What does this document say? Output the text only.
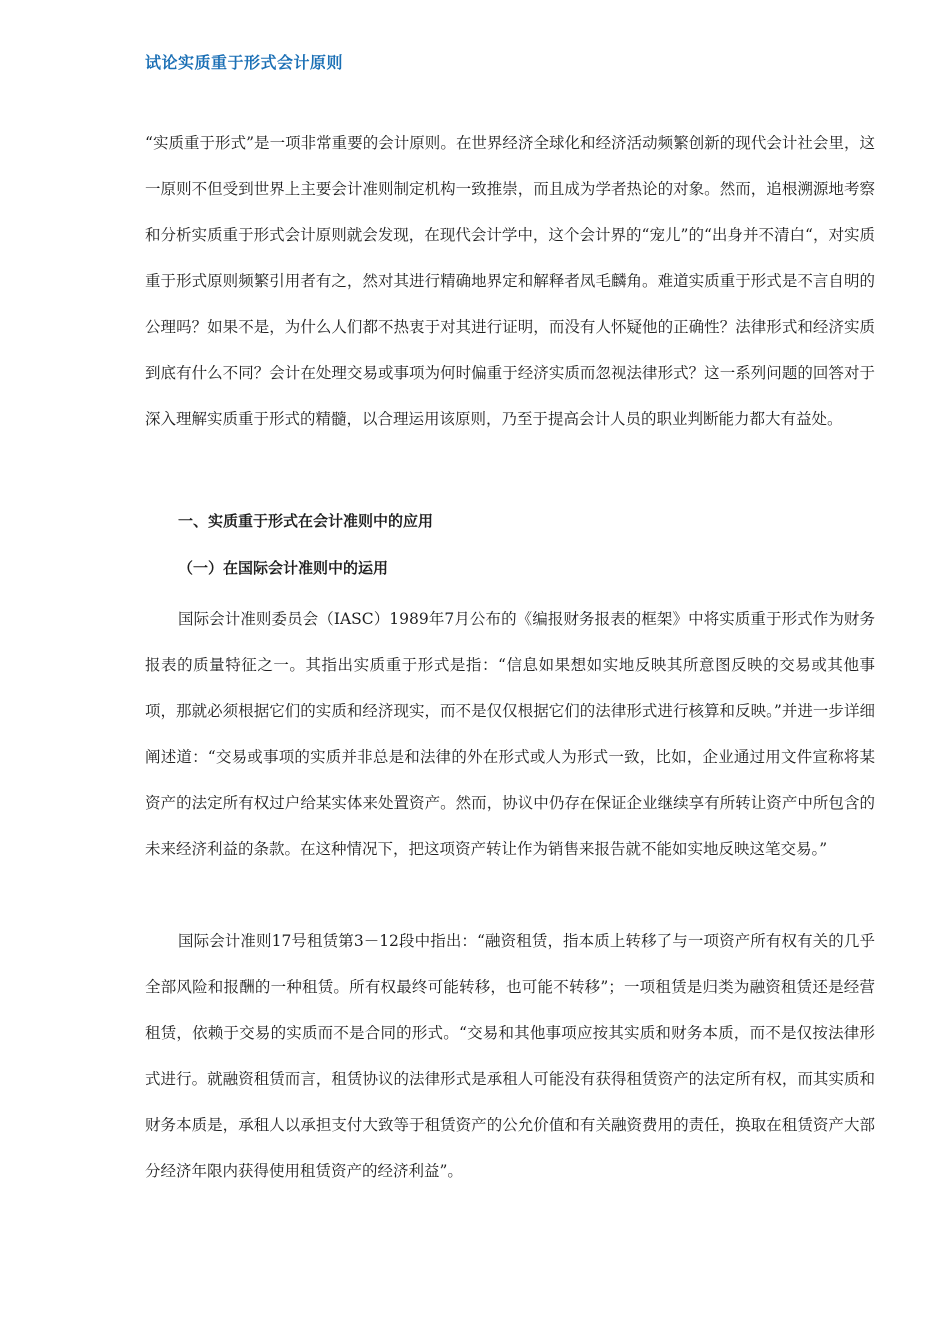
试论实质重于形式会计原则

“实质重于形式”是一项非常重要的会计原则。在世界经济全球化和经济活动频繁创新的现代会计社会里，这一原则不但受到世界上主要会计准则制定机构一致推崇，而且成为学者热论的对象。然而，追根溯源地考察和分析实质重于形式会计原则就会发现，在现代会计学中，这个会计界的“宠儿”的“出身并不清白“，对实质重于形式原则频繁引用者有之，然对其进行精确地界定和解释者凤毛麟角。难道实质重于形式是不言自明的公理吗？如果不是，为什么人们都不热衷于对其进行证明，而没有人怀疑他的正确性？法律形式和经济实质到底有什么不同？会计在处理交易或事项为何时偏重于经济实质而忽视法律形式？这一系列问题的回答对于深入理解实质重于形式的精髓，以合理运用该原则，乃至于提高会计人员的职业判断能力都大有益处。

一、实质重于形式在会计准则中的应用
（一）在国际会计准则中的运用

国际会计准则委员会（IASC）1989年7月公布的《编报财务报表的框架》中将实质重于形式作为财务报表的质量特征之一。其指出实质重于形式是指：“信息如果想如实地反映其所意图反映的交易或其他事项，那就必须根据它们的实质和经济现实，而不是仅仅根据它们的法律形式进行核算和反映。”并进一步详细阐述道：“交易或事项的实质并非总是和法律的外在形式或人为形式一致，比如，企业通过用文件宣称将某资产的法定所有权过户给某实体来处置资产。然而，协议中仍存在保证企业继续享有所转让资产中所包含的未来经济利益的条款。在这种情况下，把这项资产转让作为销售来报告就不能如实地反映这笔交易。”

国际会计准则17号租赁第3－12段中指出：“融资租赁，指本质上转移了与一项资产所有权有关的几乎全部风险和报酬的一种租赁。所有权最终可能转移，也可能不转移”；一项租赁是归类为融资租赁还是经营租赁，依赖于交易的实质而不是合同的形式。“交易和其他事项应按其实质和财务本质，而不是仅按法律形式进行。就融资租赁而言，租赁协议的法律形式是承租人可能没有获得租赁资产的法定所有权，而其实质和财务本质是，承租人以承担支付大致等于租赁资产的公允价值和有关融资费用的责任，换取在租赁资产大部分经济年限内获得使用租赁资产的经济利益”。
